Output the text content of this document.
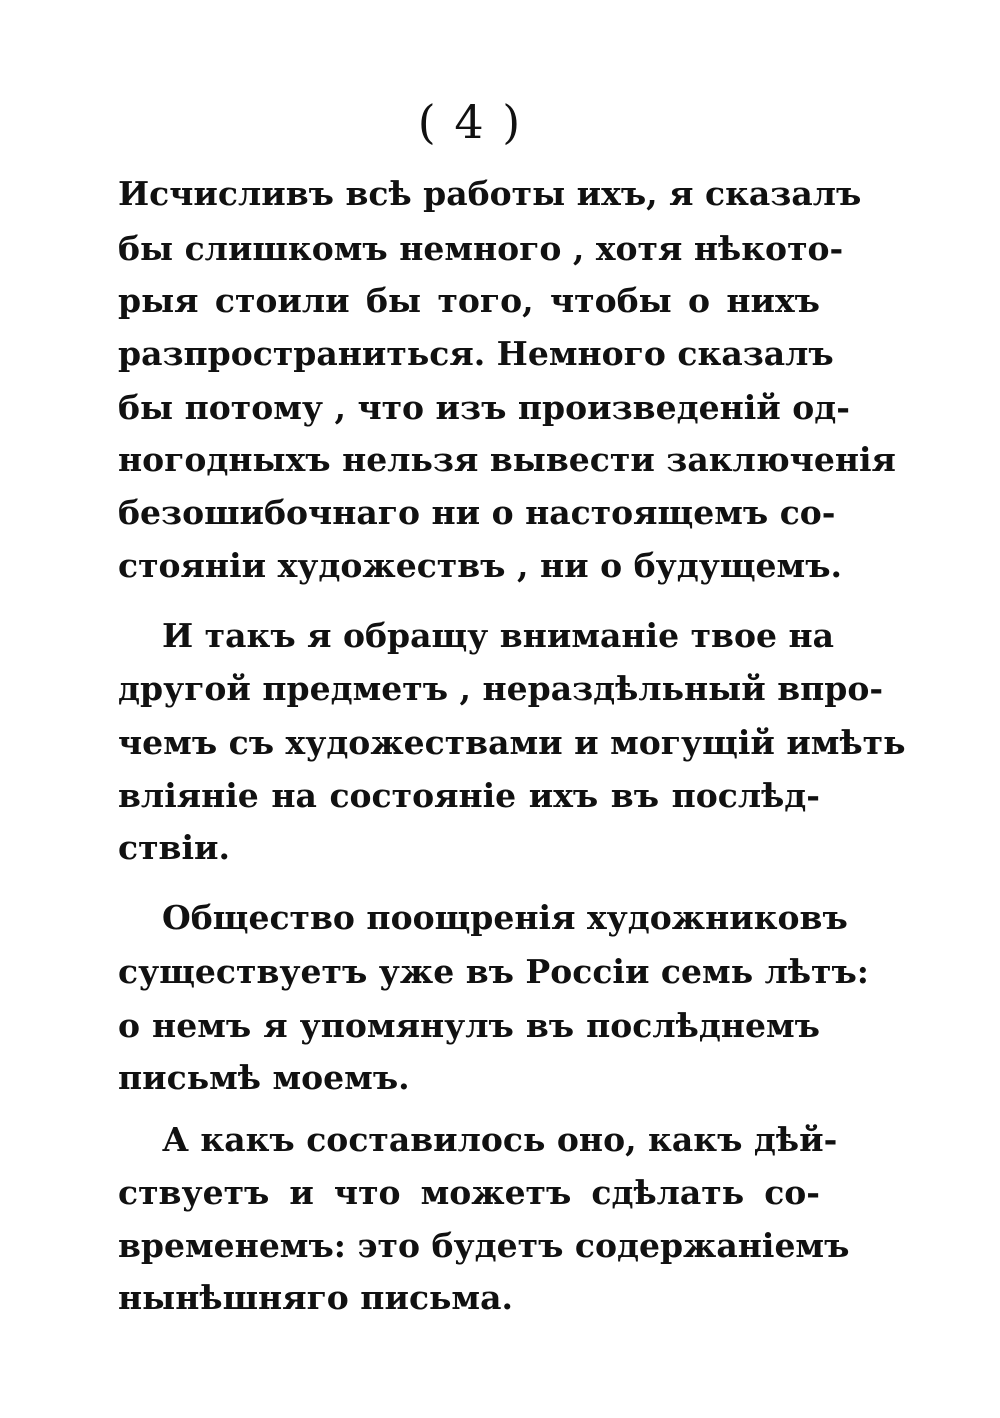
( 4 )
Исчисливъ всѣ работы ихъ, я сказалъ
бы слишкомъ немного , хотя нѣкото-
рыя стоили бы того, чтобы о нихъ
разпространиться. Немного сказалъ
бы потому , что изъ произведенiй од-
ногодныхъ нельзя вывести заключенiя
безошибочнаго ни о настоящемъ со-
стоянiи художествъ , ни о будущемъ.
И такъ я обращу вниманiе твое на
другой предметъ , нераздѣльный впро-
чемъ съ художествами и могущiй имѣть
влiянiе на состоянiе ихъ въ послѣд-
ствiи.
Общество поощренiя художниковъ
существуетъ уже въ Россiи семь лѣтъ:
о немъ я упомянулъ въ послѣднемъ
письмѣ моемъ.
А какъ составилось оно, какъ дѣй-
ствуетъ и что можетъ сдѣлать со-
временемъ: это будетъ содержанiемъ
нынѣшняго письма.
